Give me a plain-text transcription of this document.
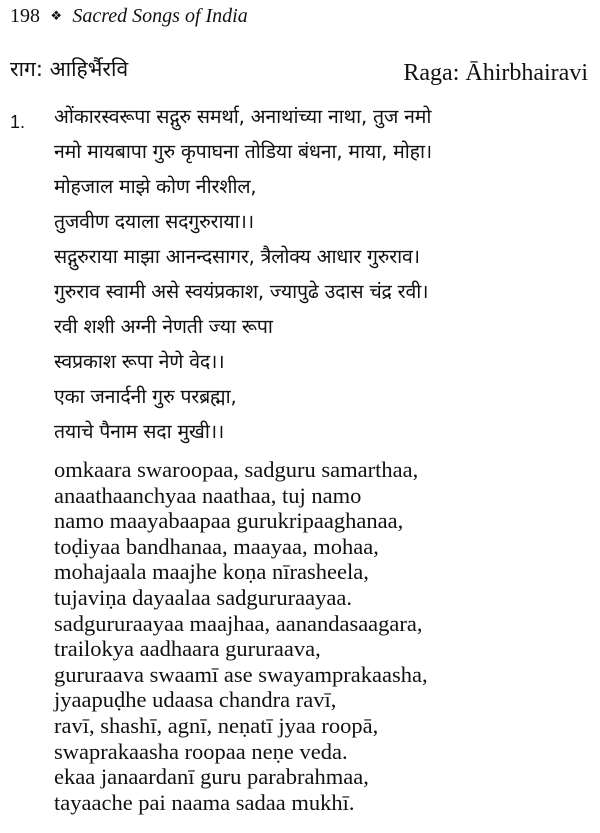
198 ❖ Sacred Songs of India
राग: आहिर्भैरवि	Raga: Āhirbhairavi
1. ओंकारस्वरूपा सद्गुरु समर्था, अनाथांच्या नाथा, तुज नमो
नमो मायबापा गुरु कृपाघना तोडिया बंधना, माया, मोहा।
मोहजाल माझे कोण नीरशील,
तुजवीण दयाला सदगुरुराया।।
सद्गुरुराया माझा आनन्दसागर, त्रैलोक्य आधार गुरुराव।
गुरुराव स्वामी असे स्वयंप्रकाश, ज्यापुढे उदास चंद्र रवी।
रवी शशी अग्नी नेणती ज्या रूपा
स्वप्रकाश रूपा नेणे वेद।।
एका जनार्दनी गुरु परब्रह्मा,
तयाचे पैनाम सदा मुखी।।
omkaara swaroopaa, sadguru samarthaa,
anaathaanchyaa naathaa, tuj namo
namo maayabaapaa gurukripaaghanaa,
toḍiyaa bandhanaa, maayaa, mohaa,
mohajaala maajhe koṇa nīrasheela,
tujaviṇa dayaalaa sadgururaayaa.
sadgururaayaa maajhaa, aanandasaagara,
trailokya aadhaara gururaava,
gururaava swaamī ase swayamprakaasha,
jyaapuḍhe udaasa chandra ravī,
ravī, shashī, agnī, neṇatī jyaa roopā,
swaprakaasha roopaa neṇe veda.
ekaa janaardanī guru parabrahmaa,
tayaache pai naama sadaa mukhī.
